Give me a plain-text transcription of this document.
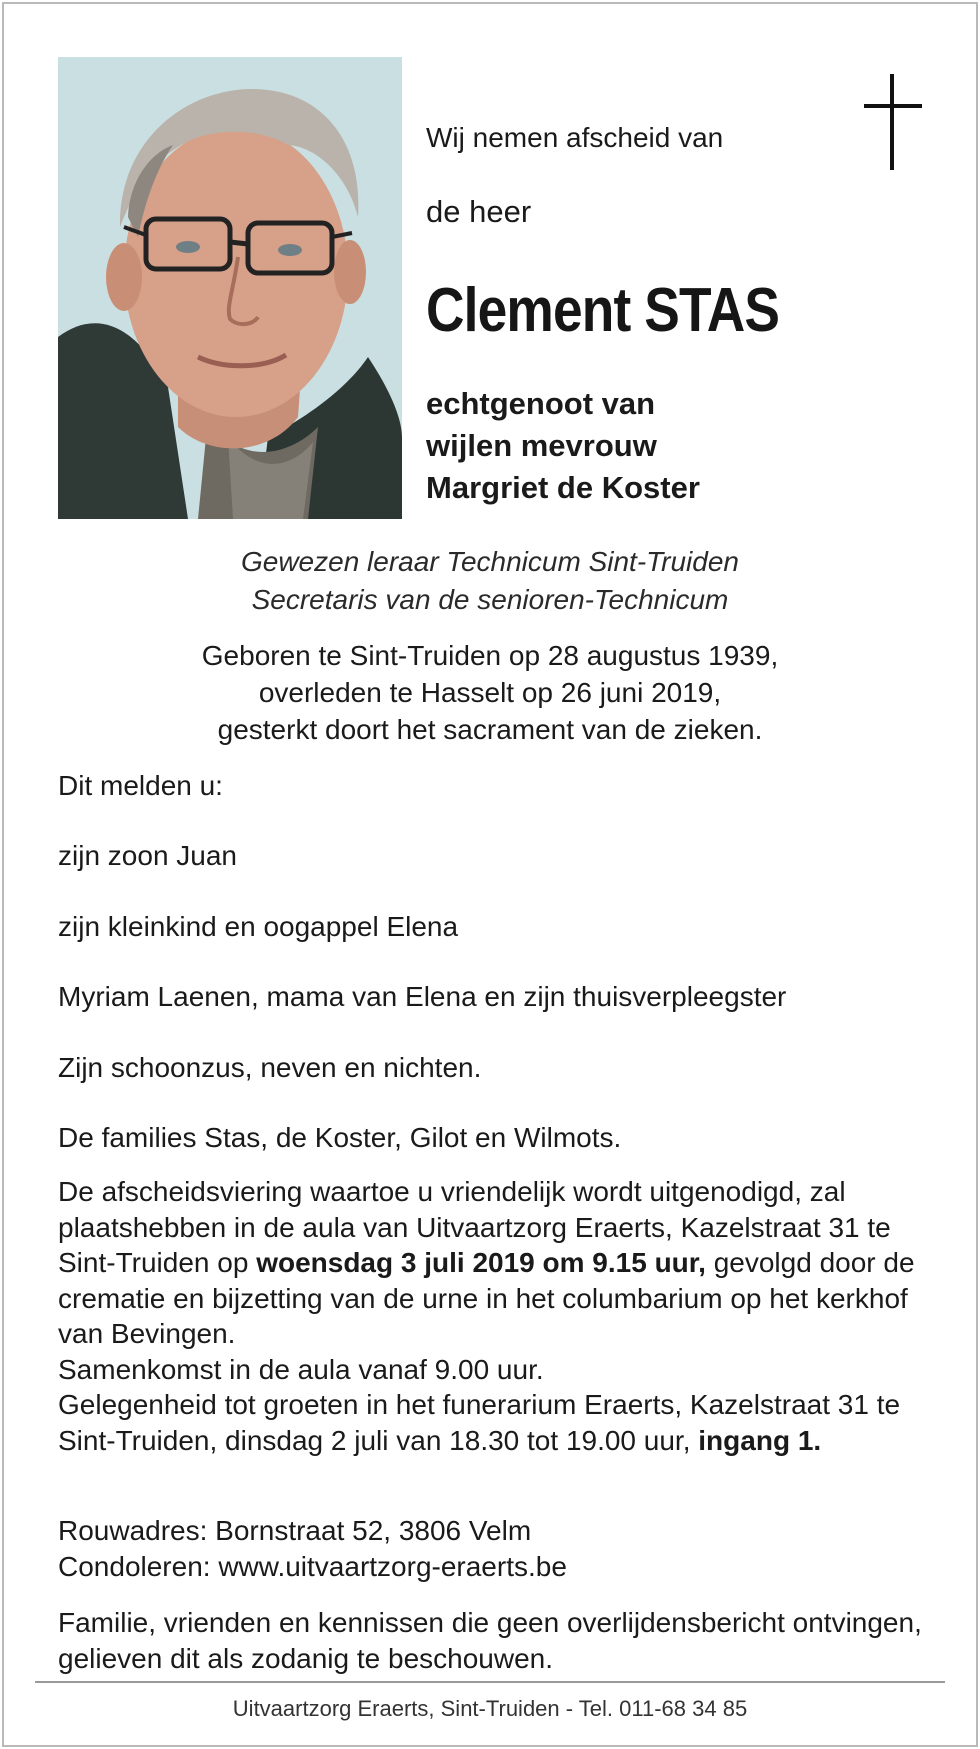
Wij nemen afscheid van
de heer
Clement STAS
echtgenoot van
wijlen mevrouw
Margriet de Koster
Gewezen leraar Technicum Sint-Truiden
Secretaris van de senioren-Technicum
Geboren te Sint-Truiden op 28 augustus 1939,
overleden te Hasselt op 26 juni 2019,
gesterkt doort het sacrament van de zieken.
Dit melden u:
zijn zoon Juan
zijn kleinkind en oogappel Elena
Myriam Laenen, mama van Elena en zijn thuisverpleegster
Zijn schoonzus, neven en nichten.
De families Stas, de Koster, Gilot en Wilmots.
De afscheidsviering waartoe u vriendelijk wordt uitgenodigd, zal plaatshebben in de aula van Uitvaartzorg Eraerts, Kazelstraat 31 te Sint-Truiden op woensdag 3 juli 2019 om 9.15 uur, gevolgd door de crematie en bijzetting van de urne in het columbarium op het kerkhof van Bevingen.
Samenkomst in de aula vanaf 9.00 uur.
Gelegenheid tot groeten in het funerarium Eraerts, Kazelstraat 31 te Sint-Truiden, dinsdag 2 juli van 18.30 tot 19.00 uur, ingang 1.
Rouwadres: Bornstraat 52, 3806 Velm
Condoleren: www.uitvaartzorg-eraerts.be
Familie, vrienden en kennissen die geen overlijdensbericht ontvingen, gelieven dit als zodanig te beschouwen.
Uitvaartzorg Eraerts, Sint-Truiden - Tel. 011-68 34 85
